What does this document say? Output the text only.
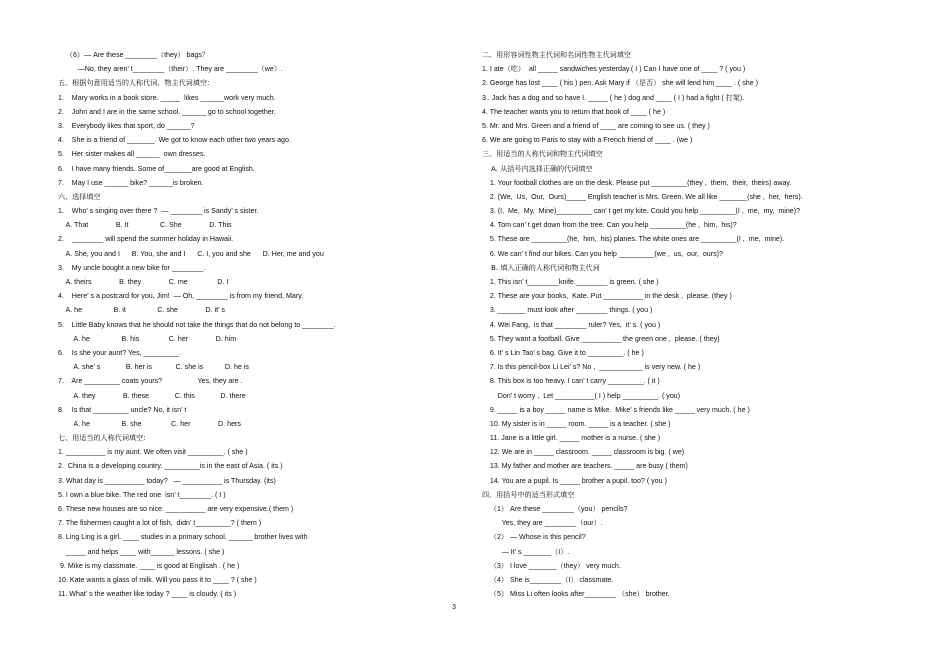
（6）— Are these ________（they） bags？
—No, they aren’ t________（their）. They are ________（we）.
五、根据句意用适当的人称代词、物主代词填空：
1.    Mary works in a book store. _____  likes ______work very much.
2.    John and I are in the same school. ______ go to school together.
3.    Everybody likes that sport, do ______?
4.    She is a friend of _______. We got to know each other two years ago.
5.    Her sister makes all ______  own dresses.
6.    I have many friends. Some of_______are good at English.
7.    May I use ______ bike? ______is broken.
六、选择填空
1.    Who’ s singing over there ?  — ________ is Sandy’ s sister.
A. That              B. It                C. She              D. This
2.    ________ will spend the summer holiday in Hawaii.
A. She, you and I      B. You, she and I      C. I, you and she      D. Her, me and you
3.    My uncle bought a new bike for ________.
A. theirs              B. they              C. me               D. I
4.    Here’ s a postcard for you, Jim!  — Oh, ________ is from my friend, Mary.
A. he                B. it                C. she              D. it’ s
5.    Little Baby knows that he should not take the things that do not belong to ________.
A. he                B. his               C. her              D. him
6.    Is she your aunt? Yes, _________.
A. she’ s             B. her is            C. she is           D. he is
7.    Are _________ coats yours?                  Yes, they are .
A. they              B. these             C. this             D. there
8.    Is that _________ uncle? No, it isn’ t
A. he                B. she               C. her              D. hers
七、用适当的人称代词填空:
1. __________ is my aunt. We often visit _________. ( she )
2.  China is a developing country. _________is in the east of Asia. ( its )
3. What day is __________ today?   — __________ is Thursday. (its)
5. I own a blue bike. The red one  isn’ t________. ( I )
6. These new houses are so nice. __________ are very expensive.( them )
7. The fishermen caught a lot of fish,  didn’ t_________? ( them )
8. Ling Ling is a girl. ____ studies in a primary school. ______ brother lives with
_____ and helps ____ with______ lessons. ( she )
9. Mike is my classmate. ____ is good at Englisah . ( he )
10. Kate wants a glass of milk. Will you pass it to ____ ? ( she )
11. What’ s the weather like today ? ____ is cloudy. ( its )
二、用形容词性物主代词和名词性物主代词填空
1. I ate（吃）  all _____ sandwiches yesterday.( I ) Can I have one of ____ ? ( you )
2. George has lost ____ ( his ) pen. Ask Mary if （是否） she will lend him ____ . ( she )
3.. Jack has a dog and so have I. _____ ( he ) dog and ____ ( I ) had a fight ( 打架).
4. The teacher wants you to return that book of ____ ( he )
5. Mr. and Mrs. Green and a friend of ____ are coming to see us. ( they )
6. We are going to Paris to stay with a French friend of ____ . (we )
三、用适当的人称代词和物主代词填空
A. 从括号内选择正确的代词填空
1. Your football clothes are on the desk. Please put _________(they ,  them,  their,  theirs) away.
2. (We,  Us,  Our,  Ours)_____ English teacher is Mrs. Green. We all like _______(she ,  her,  hers).
3. (I,  Me,  My,  Mine)_________ can’ t get my kite. Could you help _________(I ,  me,  my,  mine)?
4. Tom can’ t get down from the tree. Can you help _________(he ,  him,  his)?
5. These are _________(he,  him,  his) planes. The white ones are _________(I ,  me,  mine).
6. We can’ t find our bikes. Can you help _________(we ,  us,  our,  ours)?
B. 填入正确的人称代词和物主代词
1. This isn’ t________knife.________ is green. ( she )
2. These are your books,  Kate. Put __________ in the desk ,  please. (they )
3. _______ must look after ________ things. ( you )
4. Wei Fang,  is that ________ ruler? Yes,  it’ s. ( you )
5. They want a football. Give __________ the green one ,  please. ( they)
6. It’ s Lin Tao’ s bag. Give it to _________. ( he )
7. Is this pencil-box Li Lei’ s? No ,  ___________ is very new. ( he )
8. This box is too heavy. I can’ t carry _________. ( it )
Don’ t worry ,  Let __________( I ) help _________. ( you)
9. _____ is a boy _____ name is Mike.  Mike’ s friends like _____ very much. ( he )
10. My sister is in _____ room. _____ is a teacher. ( she )
11. Jane is a little girl. _____ mother is a nurse. ( she )
12. We are in _____ classroom. _____ classroom is big. ( we)
13. My father and mother are teachers. _____ are busy ( them)
14. You are a pupil. Is _____ brother a pupil. too? ( you )
四、用括号中的适当形式填空
（1） Are these ________（you） pencils?
Yes, they are ________（our）.
（2） — Whose is this pencil?
— It’ s _______（I）.
（3） I love _______（they） very much.
（4） She is________（I） classmate.
（5） Miss Li often looks after________ （she） brother.
3
